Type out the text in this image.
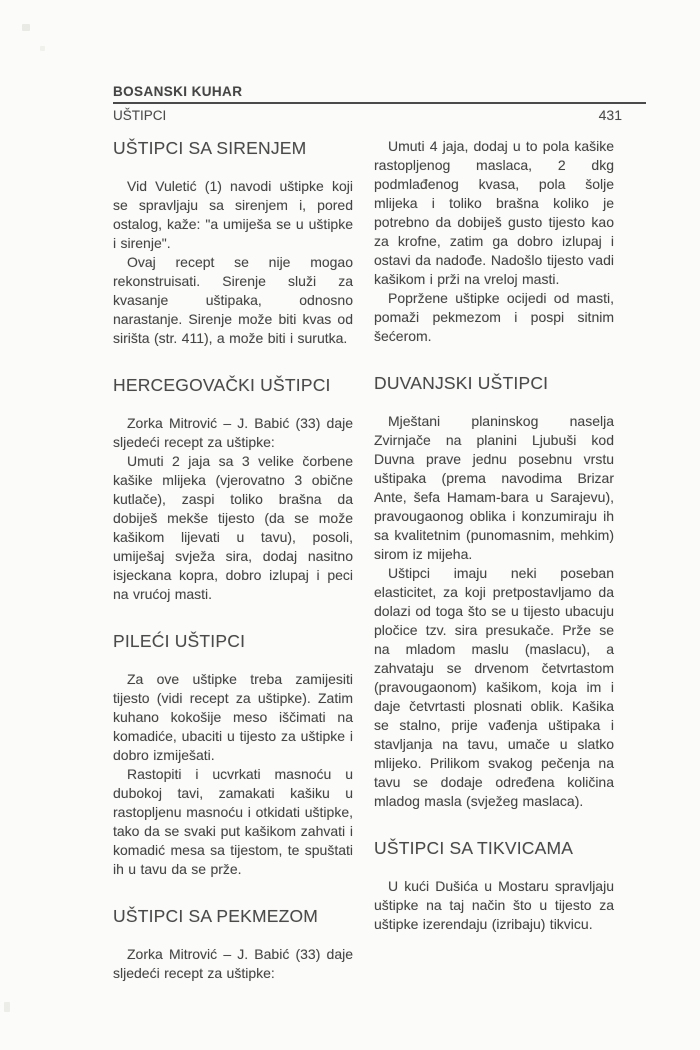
BOSANSKI KUHAR
UŠTIPCI	431
UŠTIPCI SA SIRENJEM

Vid Vuletić (1) navodi uštipke koji se spravljaju sa sirenjem i, pored ostalog, kaže: "a umiješa se u uštipke i sirenje".

Ovaj recept se nije mogao rekonstruisati. Sirenje služi za kvasanje uštipaka, odnosno narastanje. Sirenje može biti kvas od sirišta (str. 411), a može biti i surutka.

HERCEGOVAČKI UŠTIPCI

Zorka Mitrović – J. Babić (33) daje sljedeći recept za uštipke:

Umuti 2 jaja sa 3 velike čorbene kašike mlijeka (vjerovatno 3 obične kutlače), zaspi toliko brašna da dobiješ mekše tijesto (da se može kašikom lijevati u tavu), posoli, umiješaj svježa sira, dodaj nasitno isjeckana kopra, dobro izlupaj i peci na vrućoj masti.

PILEĆI UŠTIPCI

Za ove uštipke treba zamijesiti tijesto (vidi recept za uštipke). Zatim kuhano kokošije meso iščimati na komadiće, ubaciti u tijesto za uštipke i dobro izmiješati.

Rastopiti i ucvrkati masnoću u dubokoj tavi, zamakati kašiku u rastopljenu masnoću i otkidati uštipke, tako da se svaki put kašikom zahvati i komadić mesa sa tijestom, te spuštati ih u tavu da se prže.

UŠTIPCI SA PEKMEZOM

Zorka Mitrović – J. Babić (33) daje sljedeći recept za uštipke:

Umuti 4 jaja, dodaj u to pola kašike rastopljenog maslaca, 2 dkg podmlađenog kvasa, pola šolje mlijeka i toliko brašna koliko je potrebno da dobiješ gusto tijesto kao za krofne, zatim ga dobro izlupaj i ostavi da nadođe. Nadošlo tijesto vadi kašikom i prži na vreloj masti.

Popržene uštipke ocijedi od masti, pomaži pekmezom i pospi sitnim šećerom.

DUVANJSKI UŠTIPCI

Mještani planinskog naselja Zvirnjače na planini Ljubuši kod Duvna prave jednu posebnu vrstu uštipaka (prema navodima Brizar Ante, šefa Hamam-bara u Sarajevu), pravougaonog oblika i konzumiraju ih sa kvalitetnim (punomasnim, mehkim) sirom iz mijeha.

Uštipci imaju neki poseban elasticitet, za koji pretpostavljamo da dolazi od toga što se u tijesto ubacuju pločice tzv. sira presukače. Prže se na mladom maslu (maslacu), a zahvataju se drvenom četvrtastom (pravougaonom) kašikom, koja im i daje četvrtasti plosnati oblik. Kašika se stalno, prije vađenja uštipaka i stavljanja na tavu, umače u slatko mlijeko. Prilikom svakog pečenja na tavu se dodaje određena količina mladog masla (svježeg maslaca).

UŠTIPCI SA TIKVICAMA

U kući Dušića u Mostaru spravljaju uštipke na taj način što u tijesto za uštipke izerendaju (izribaju) tikvicu.
